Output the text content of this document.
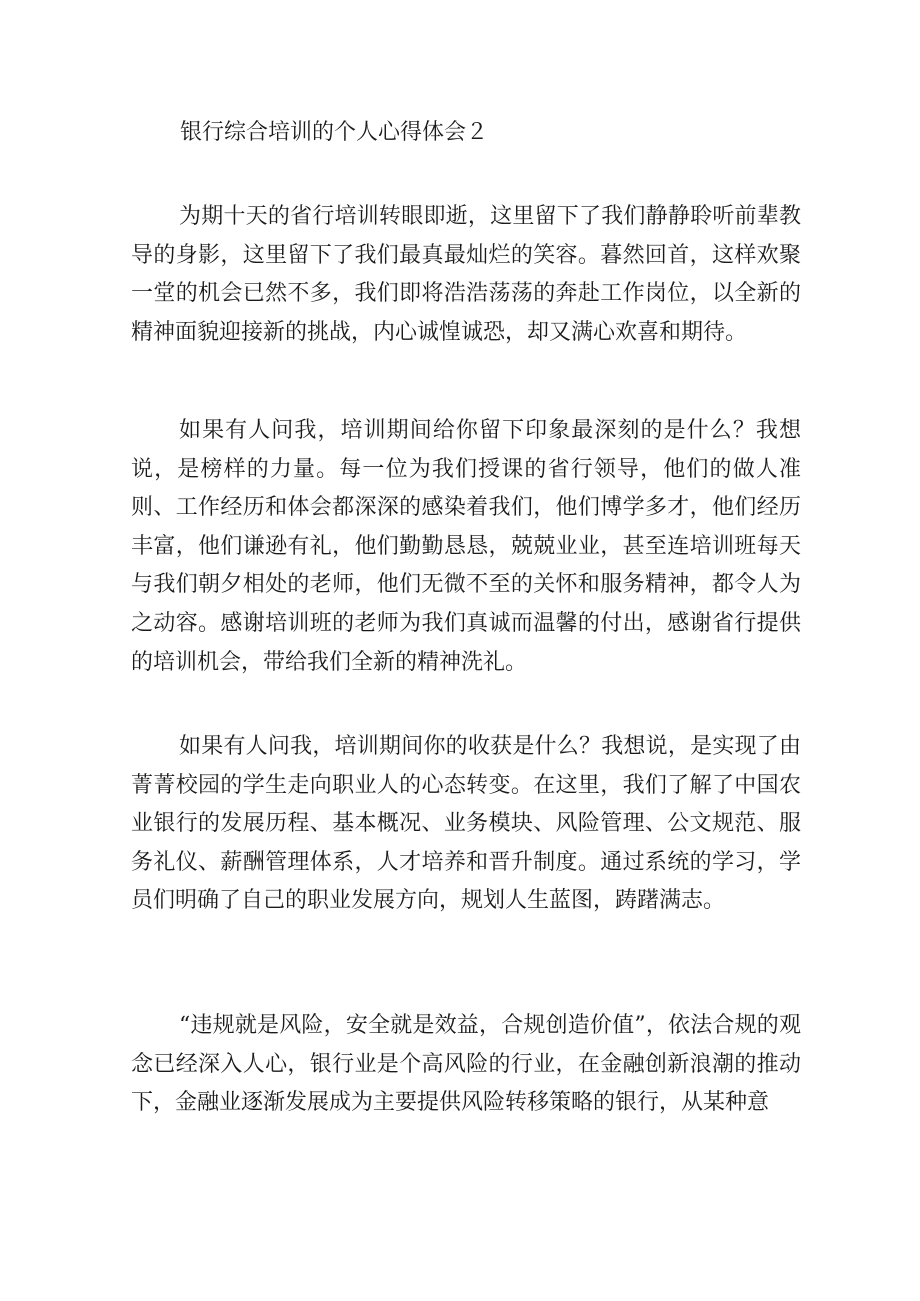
银行综合培训的个人心得体会２

为期十天的省行培训转眼即逝，这里留下了我们静静聆听前辈教导的身影，这里留下了我们最真最灿烂的笑容。暮然回首，这样欢聚一堂的机会已然不多，我们即将浩浩荡荡的奔赴工作岗位，以全新的精神面貌迎接新的挑战，内心诚惶诚恐，却又满心欢喜和期待。

如果有人问我，培训期间给你留下印象最深刻的是什么？我想说，是榜样的力量。每一位为我们授课的省行领导，他们的做人准则、工作经历和体会都深深的感染着我们，他们博学多才，他们经历丰富，他们谦逊有礼，他们勤勤恳恳，兢兢业业，甚至连培训班每天与我们朝夕相处的老师，他们无微不至的关怀和服务精神，都令人为之动容。感谢培训班的老师为我们真诚而温馨的付出，感谢省行提供的培训机会，带给我们全新的精神洗礼。

如果有人问我，培训期间你的收获是什么？我想说，是实现了由菁菁校园的学生走向职业人的心态转变。在这里，我们了解了中国农业银行的发展历程、基本概况、业务模块、风险管理、公文规范、服务礼仪、薪酬管理体系，人才培养和晋升制度。通过系统的学习，学员们明确了自己的职业发展方向，规划人生蓝图，踌躇满志。

“违规就是风险，安全就是效益，合规创造价值”，依法合规的观念已经深入人心，银行业是个高风险的行业，在金融创新浪潮的推动下，金融业逐渐发展成为主要提供风险转移策略的银行，从某种意
